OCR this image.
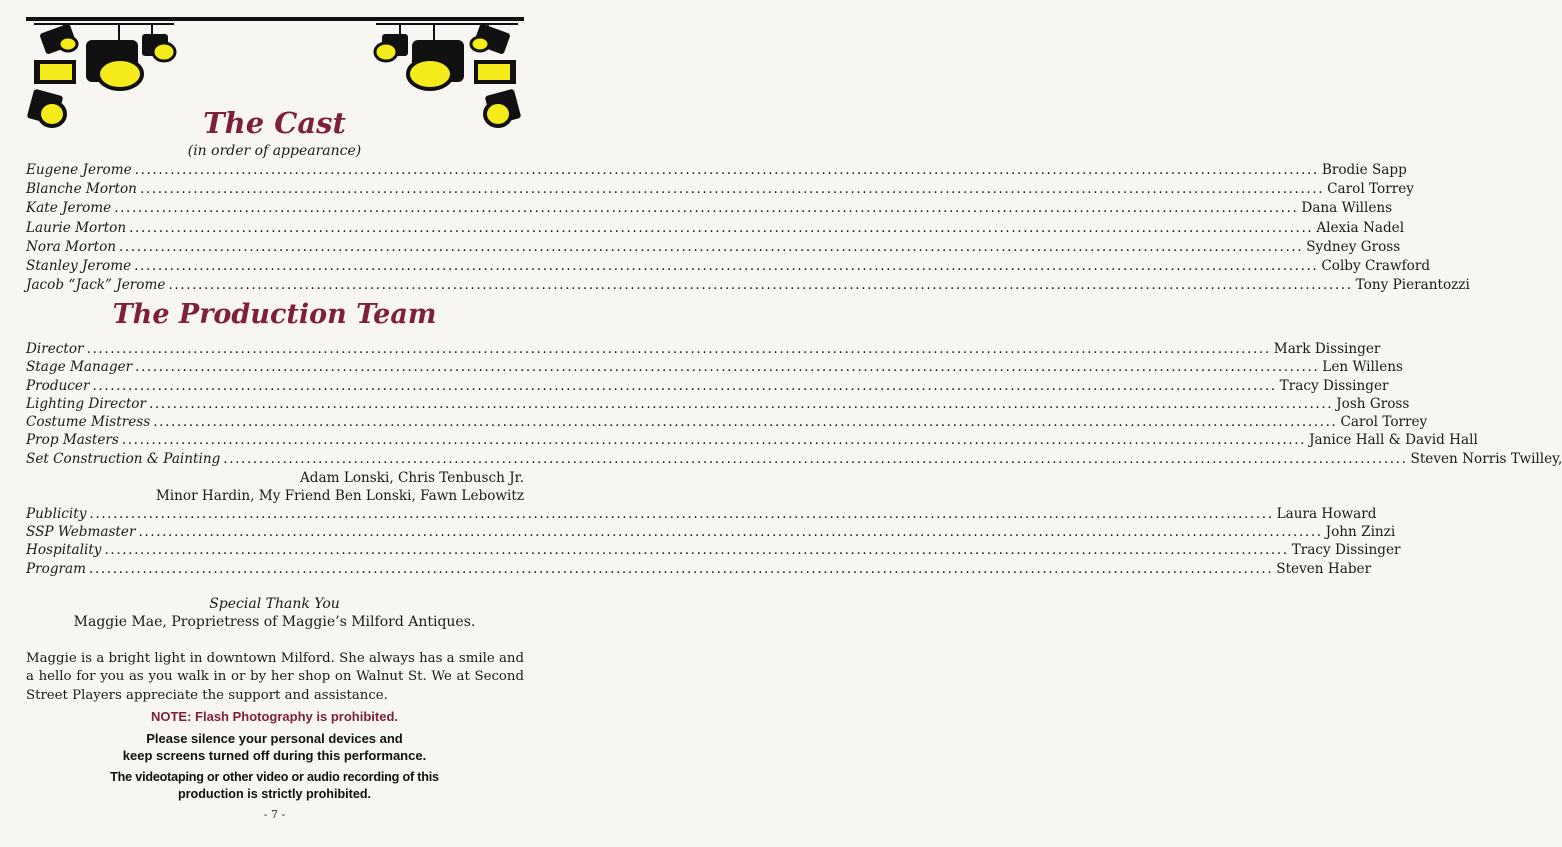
The Cast
(in order of appearance)
Eugene Jerome ........................................................................................................................................................................................................ Brodie Sapp
Blanche Morton ........................................................................................................................................................................................................ Carol Torrey
Kate Jerome ........................................................................................................................................................................................................ Dana Willens
Laurie Morton ........................................................................................................................................................................................................ Alexia Nadel
Nora Morton ........................................................................................................................................................................................................ Sydney Gross
Stanley Jerome ........................................................................................................................................................................................................ Colby Crawford
Jacob “Jack” Jerome ........................................................................................................................................................................................................ Tony Pierantozzi
The Production Team
Director ........................................................................................................................................................................................................ Mark Dissinger
Stage Manager ........................................................................................................................................................................................................ Len Willens
Producer ........................................................................................................................................................................................................ Tracy Dissinger
Lighting Director ........................................................................................................................................................................................................ Josh Gross
Costume Mistress ........................................................................................................................................................................................................ Carol Torrey
Prop Masters ........................................................................................................................................................................................................ Janice Hall & David Hall
Set Construction & Painting ........................................................................................................................................................................................................ Steven Norris Twilley,
Adam Lonski, Chris Tenbusch Jr.
Minor Hardin, My Friend Ben Lonski, Fawn Lebowitz
Publicity ........................................................................................................................................................................................................ Laura Howard
SSP Webmaster ........................................................................................................................................................................................................ John Zinzi
Hospitality ........................................................................................................................................................................................................ Tracy Dissinger
Program ........................................................................................................................................................................................................ Steven Haber
Special Thank You
Maggie Mae, Proprietress of Maggie’s Milford Antiques.
Maggie is a bright light in downtown Milford. She always has a smile and a hello for you as you walk in or by her shop on Walnut St. We at Second Street Players appreciate the support and assistance.
NOTE: Flash Photography is prohibited.
Please silence your personal devices and
keep screens turned off during this performance.
The videotaping or other video or audio recording of this
production is strictly prohibited.
- 7 -
